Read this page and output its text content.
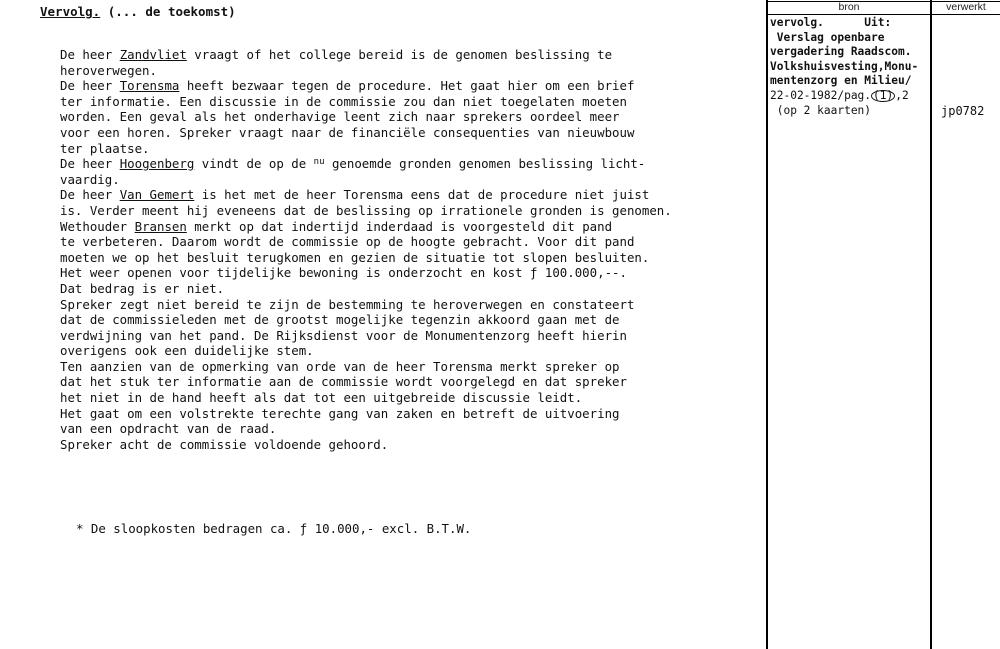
Vervolg. (... de toekomst)
De heer Zandvliet vraagt of het college bereid is de genomen beslissing te
heroverwegen.
De heer Torensma heeft bezwaar tegen de procedure. Het gaat hier om een brief
ter informatie. Een discussie in de commissie zou dan niet toegelaten moeten
worden. Een geval als het onderhavige leent zich naar sprekers oordeel meer
voor een horen. Spreker vraagt naar de financiële consequenties van nieuwbouw
ter plaatse.
De heer Hoogenberg vindt de op de $^{nu}$ genoemde gronden genomen beslissing licht-
vaardig.
De heer Van Gemert is het met de heer Torensma eens dat de procedure niet juist
is. Verder meent hij eveneens dat de beslissing op irrationele gronden is genomen.
Wethouder Bransen merkt op dat indertijd inderdaad is voorgesteld dit pand
te verbeteren. Daarom wordt de commissie op de hoogte gebracht. Voor dit pand
moeten we op het besluit terugkomen en gezien de situatie tot slopen besluiten.
Het weer openen voor tijdelijke bewoning is onderzocht en kost ƒ 100.000,--.
Dat bedrag is er niet.
Spreker zegt niet bereid te zijn de bestemming te heroverwegen en constateert
dat de commissieleden met de grootst mogelijke tegenzin akkoord gaan met de
verdwijning van het pand. De Rijksdienst voor de Monumentenzorg heeft hierin
overigens ook een duidelijke stem.
Ten aanzien van de opmerking van orde van de heer Torensma merkt spreker op
dat het stuk ter informatie aan de commissie wordt voorgelegd en dat spreker
het niet in de hand heeft als dat tot een uitgebreide discussie leidt.
Het gaat om een volstrekte terechte gang van zaken en betreft de uitvoering
van een opdracht van de raad.
Spreker acht de commissie voldoende gehoord.
* De sloopkosten bedragen ca. ƒ 10.000,- excl. B.T.W.
bron	verwerkt
vervolg.      Uit:
Verslag openbare
vergadering Raadscom.
Volkshuisvesting,Monu-
mentenzorg en Milieu/
22-02-1982/pag. (1) ,2
(op 2 kaarten)	jp0782
